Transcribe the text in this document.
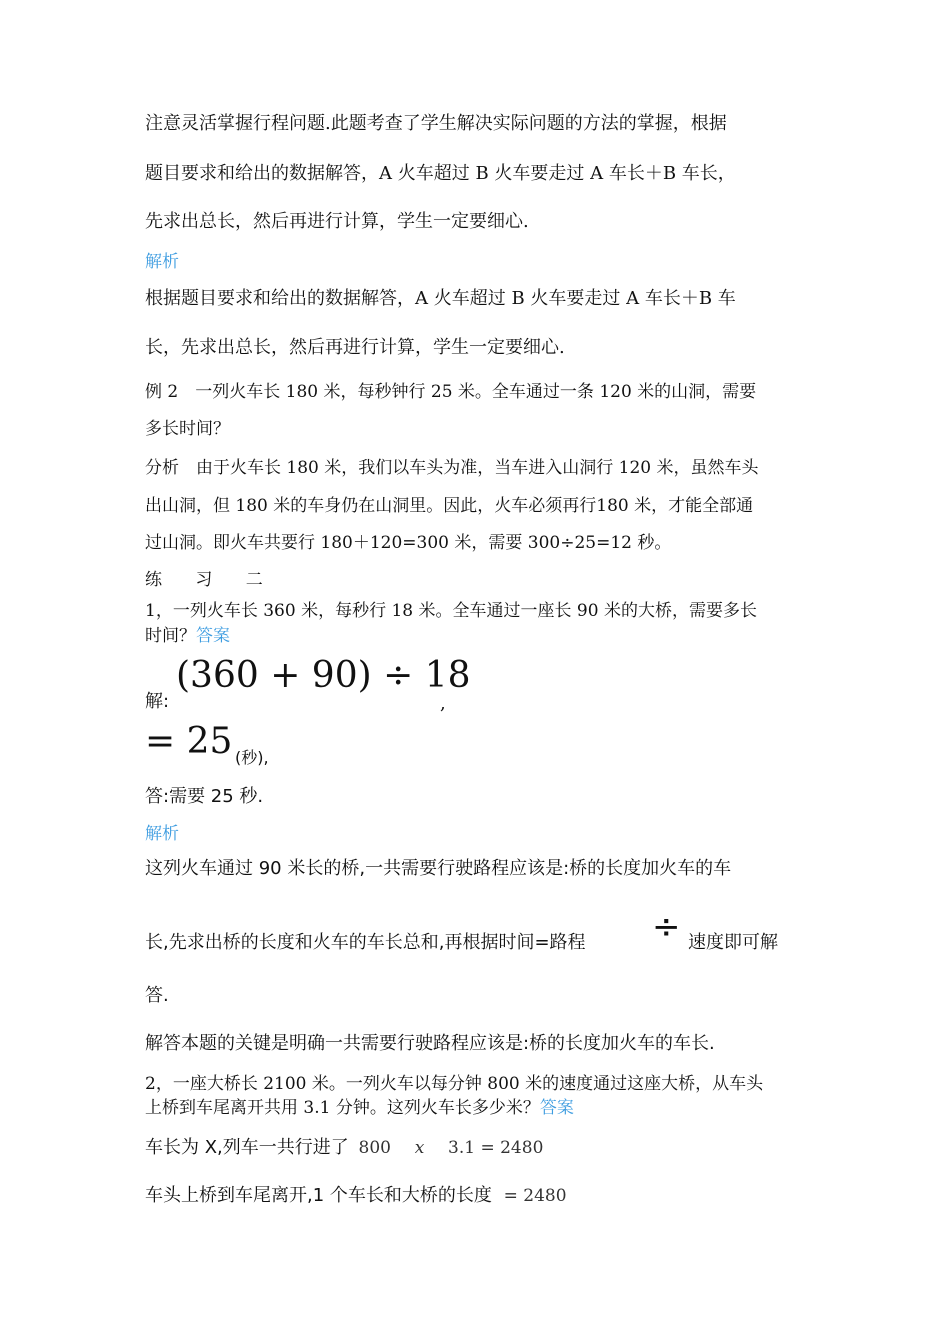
注意灵活掌握行程问题.此题考查了学生解决实际问题的方法的掌握，根据
题目要求和给出的数据解答，A 火车超过 B 火车要走过 A 车长＋B 车长，
先求出总长，然后再进行计算，学生一定要细心.
解析
根据题目要求和给出的数据解答，A 火车超过 B 火车要走过 A 车长＋B 车
长，先求出总长，然后再进行计算，学生一定要细心.
例 2　一列火车长 180 米，每秒钟行 25 米。全车通过一条 120 米的山洞，需要
多长时间？
分析　由于火车长 180 米，我们以车头为准，当车进入山洞行 120 米，虽然车头
出山洞，但 180 米的车身仍在山洞里。因此，火车必须再行180 米，才能全部通
过山洞。即火车共要行 180＋120=300 米，需要 300÷25=12 秒。
练 习 二
1，一列火车长 360 米，每秒行 18 米。全车通过一座长 90 米的大桥，需要多长
时间？答案
解:
(360 + 90) ÷ 18
,
= 25 (秒),
答:需要 25 秒.
解析
这列火车通过 90 米长的桥,一共需要行驶路程应该是:桥的长度加火车的车
长,先求出桥的长度和火车的车长总和,再根据时间=路程 ÷ 速度即可解
答.
解答本题的关键是明确一共需要行驶路程应该是:桥的长度加火车的车长.
2，一座大桥长 2100 米。一列火车以每分钟 800 米的速度通过这座大桥，从车头
上桥到车尾离开共用 3.1 分钟。这列火车长多少米？答案
车长为 X,列车一共行进了 800 x 3.1 = 2480
车头上桥到车尾离开,1 个车长和大桥的长度 = 2480
